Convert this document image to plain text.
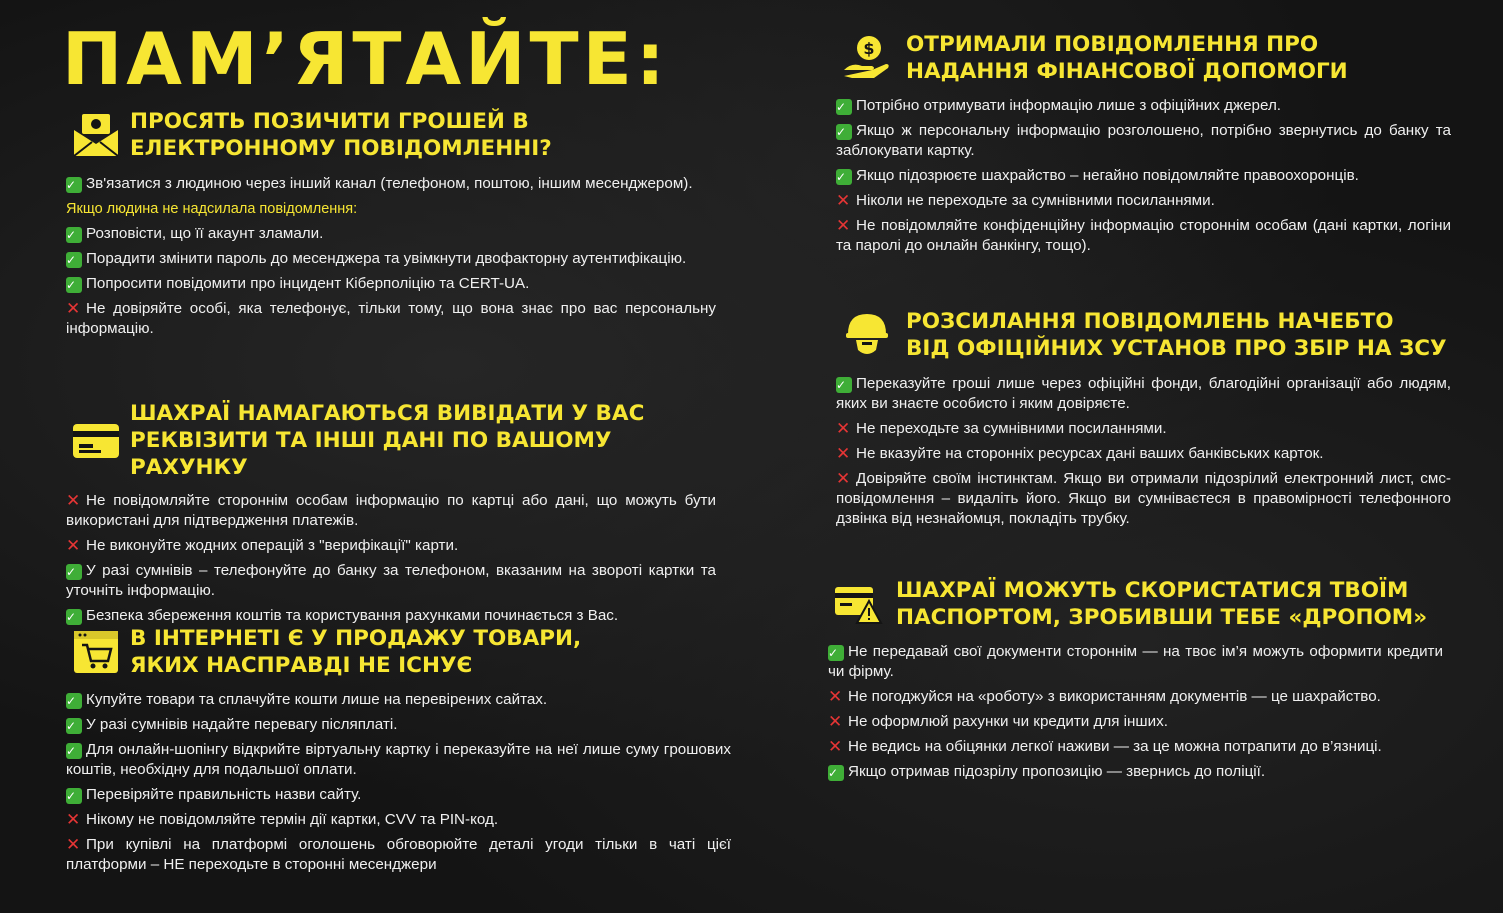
ПАМ’ЯТАЙТЕ:
ПРОСЯТЬ ПОЗИЧИТИ ГРОШЕЙ В
ЕЛЕКТРОННОМУ ПОВІДОМЛЕННІ?
✓ Зв'язатися з людиною через інший канал (телефоном, поштою, іншим месенджером).
Якщо людина не надсилала повідомлення:
✓ Розповісти, що її акаунт зламали.
✓ Порадити змінити пароль до месенджера та увімкнути двофакторну аутентифікацію.
✓ Попросити повідомити про інцидент Кіберполіцію та CERT-UA.
✕ Не довіряйте особі, яка телефонує, тільки тому, що вона знає про вас персональну інформацію.
ШАХРАЇ НАМАГАЮТЬСЯ ВИВІДАТИ У ВАС
РЕКВІЗИТИ ТА ІНШІ ДАНІ ПО ВАШОМУ РАХУНКУ
✕ Не повідомляйте стороннім особам інформацію по картці або дані, що можуть бути використані для підтвердження платежів.
✕ Не виконуйте жодних операцій з "верифікації" карти.
✓ У разі сумнівів – телефонуйте до банку за телефоном, вказаним на звороті картки та уточніть інформацію.
✓ Безпека збереження коштів та користування рахунками починається з Вас.
В ІНТЕРНЕТІ Є У ПРОДАЖУ ТОВАРИ,
ЯКИХ НАСПРАВДІ НЕ ІСНУЄ
✓ Купуйте товари та сплачуйте кошти лише на перевірених сайтах.
✓ У разі сумнівів надайте перевагу післяплаті.
✓ Для онлайн-шопінгу відкрийте віртуальну картку і переказуйте на неї лише суму грошових коштів, необхідну для подальшої оплати.
✓ Перевіряйте правильність назви сайту.
✕ Нікому не повідомляйте термін дії картки, CVV та PIN-код.
✕ При купівлі на платформі оголошень обговорюйте деталі угоди тільки в чаті цієї платформи – НЕ переходьте в сторонні месенджери
$ ОТРИМАЛИ ПОВІДОМЛЕННЯ ПРО
НАДАННЯ ФІНАНСОВОЇ ДОПОМОГИ
✓ Потрібно отримувати інформацію лише з офіційних джерел.
✓ Якщо ж персональну інформацію розголошено, потрібно звернутись до банку та заблокувати картку.
✓ Якщо підозрюєте шахрайство – негайно повідомляйте правоохоронців.
✕ Ніколи не переходьте за сумнівними посиланнями.
✕ Не повідомляйте конфіденційну інформацію стороннім особам (дані картки, логіни та паролі до онлайн банкінгу, тощо).
РОЗСИЛАННЯ ПОВІДОМЛЕНЬ НАЧЕБТО
ВІД ОФІЦІЙНИХ УСТАНОВ ПРО ЗБІР НА ЗСУ
✓ Переказуйте гроші лише через офіційні фонди, благодійні організації або людям, яких ви знаєте особисто і яким довіряєте.
✕ Не переходьте за сумнівними посиланнями.
✕ Не вказуйте на сторонніх ресурсах дані ваших банківських карток.
✕ Довіряйте своїм інстинктам. Якщо ви отримали підозрілий електронний лист, смс-повідомлення – видаліть його. Якщо ви сумніваєтеся в правомірності телефонного дзвінка від незнайомця, покладіть трубку.
ШАХРАЇ МОЖУТЬ СКОРИСТАТИСЯ ТВОЇМ
ПАСПОРТОМ, ЗРОБИВШИ ТЕБЕ «ДРОПОМ»
✓ Не передавай свої документи стороннім — на твоє ім’я можуть оформити кредити чи фірму.
✕ Не погоджуйся на «роботу» з використанням документів — це шахрайство.
✕ Не оформлюй рахунки чи кредити для інших.
✕ Не ведись на обіцянки легкої наживи — за це можна потрапити до в’язниці.
✓ Якщо отримав підозрілу пропозицію — звернись до поліції.
